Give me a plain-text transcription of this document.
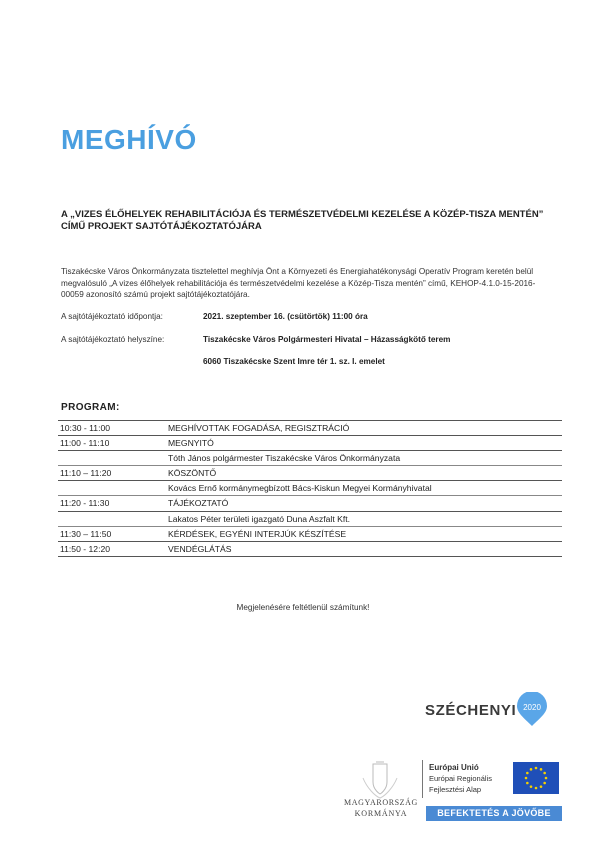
MEGHÍVÓ
A „VIZES ÉLŐHELYEK REHABILITÁCIÓJA ÉS TERMÉSZETVÉDELMI KEZELÉSE A KÖZÉP-TISZA MENTÉN” CÍMŰ PROJEKT SAJTÓTÁJÉKOZTATÓJÁRA
Tiszakécske Város Önkormányzata tisztelettel meghívja Önt a Környezeti és Energiahatékonysági Operatív Program keretén belül megvalósuló „A vizes élőhelyek rehabilitációja és természetvédelmi kezelése a Közép-Tisza mentén” című, KEHOP-4.1.0-15-2016-00059 azonosító számú projekt sajtótájékoztatójára.
A sajtótájékoztató időpontja:	2021. szeptember 16. (csütörtök) 11:00 óra
A sajtótájékoztató helyszíne:	Tiszakécske Város Polgármesteri Hivatal – Házasságkötő terem
6060 Tiszakécske Szent Imre tér 1. sz. I. emelet
PROGRAM:
10:30 - 11:00	MEGHÍVOTTAK FOGADÁSA, REGISZTRÁCIÓ
11:00 - 11:10	MEGNYITÓ
	Tóth János polgármester Tiszakécske Város Önkormányzata
11:10 – 11:20	KÖSZÖNTŐ
	Kovács Ernő kormánymegbízott Bács-Kiskun Megyei Kormányhivatal
11:20 - 11:30	TÁJÉKOZTATÓ
	Lakatos Péter területi igazgató Duna Aszfalt Kft.
11:30 – 11:50	KÉRDÉSEK, EGYÉNI INTERJÚK KÉSZÍTÉSE
11:50 - 12:20	VENDÉGLÁTÁS
Megjelenésére feltétlenül számítunk!
SZÉCHENYI 2020
MAGYARORSZÁG
KORMÁNYA
Európai Unió
Európai Regionális
Fejlesztési Alap
BEFEKTETÉS A JÖVŐBE
